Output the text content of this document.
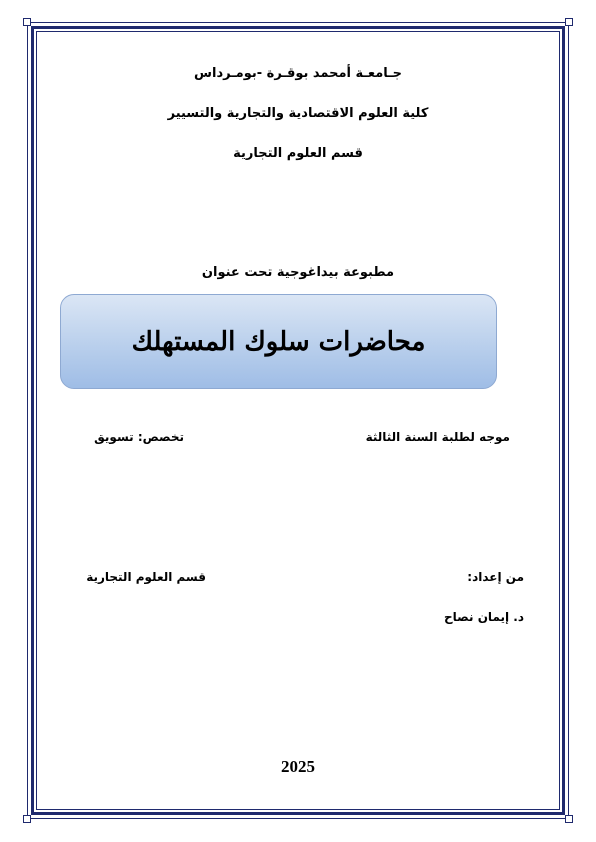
جـامعـة أمحمد بوقـرة -بومـرداس
كلية العلوم الاقتصادية والتجارية والتسيير
قسم العلوم التجارية
مطبوعة بيداغوجية تحت عنوان
محاضرات سلوك المستهلك
موجه لطلبة السنة الثالثة
تخصص: تسويق
من إعداد:
قسم العلوم التجارية
د. إيمان نصاح
2025
